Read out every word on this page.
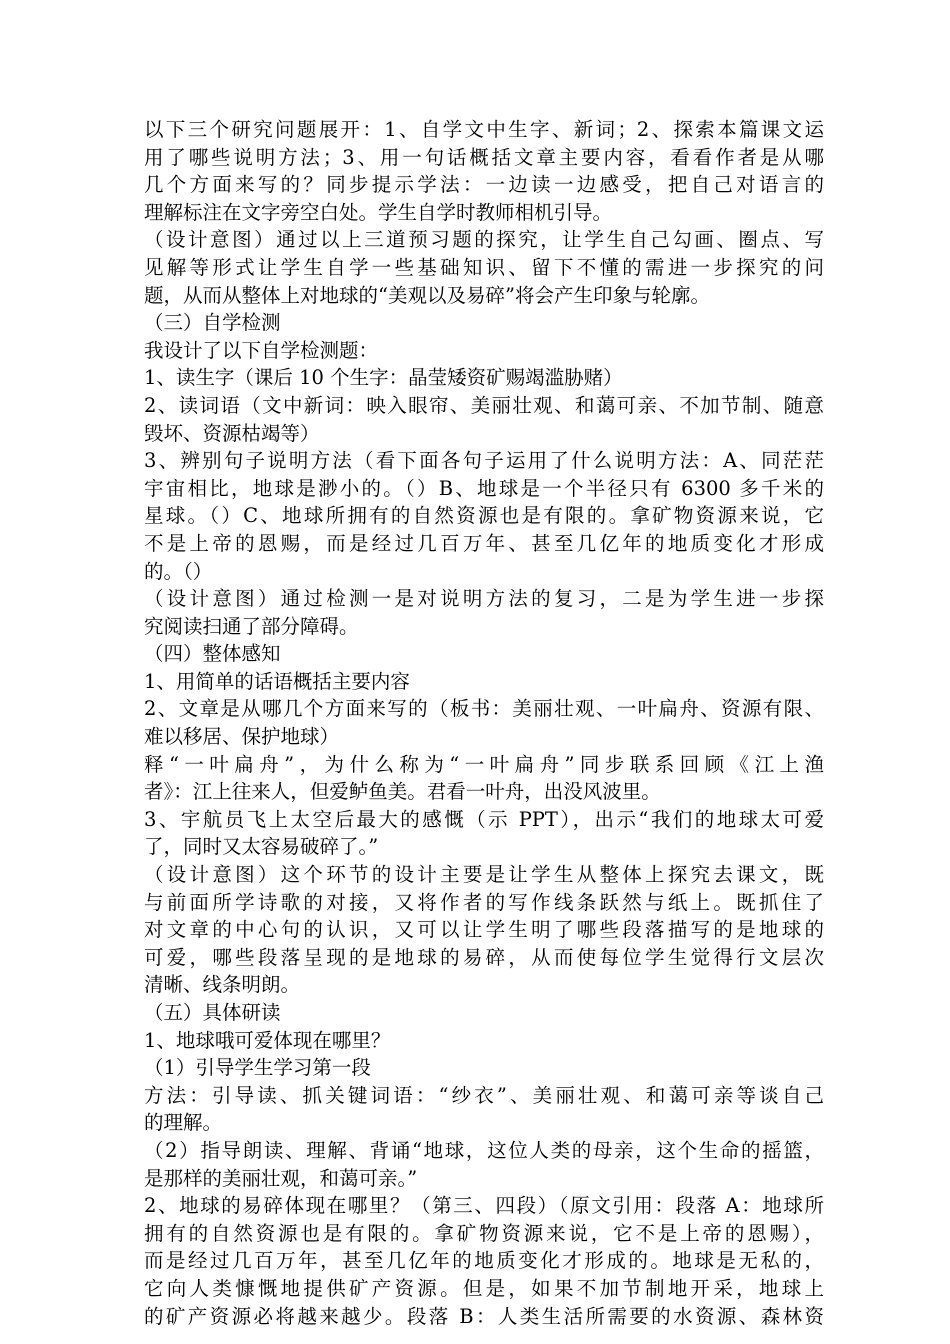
以下三个研究问题展开：1、自学文中生字、新词；2、探索本篇课文运
用了哪些说明方法；3、用一句话概括文章主要内容，看看作者是从哪
几个方面来写的？同步提示学法：一边读一边感受，把自己对语言的
理解标注在文字旁空白处。学生自学时教师相机引导。
（设计意图）通过以上三道预习题的探究，让学生自己勾画、圈点、写
见解等形式让学生自学一些基础知识、留下不懂的需进一步探究的问
题，从而从整体上对地球的“美观以及易碎”将会产生印象与轮廓。
（三）自学检测
我设计了以下自学检测题：
1、读生字（课后 10 个生字：晶莹矮资矿赐竭滥胁赌）
2、读词语（文中新词：映入眼帘、美丽壮观、和蔼可亲、不加节制、随意
毁坏、资源枯竭等）
3、辨别句子说明方法（看下面各句子运用了什么说明方法：A、同茫茫
宇宙相比，地球是渺小的。（）B、地球是一个半径只有 6300 多千米的
星球。（）C、地球所拥有的自然资源也是有限的。拿矿物资源来说，它
不是上帝的恩赐，而是经过几百万年、甚至几亿年的地质变化才形成
的。（）
（设计意图）通过检测一是对说明方法的复习，二是为学生进一步探
究阅读扫通了部分障碍。
（四）整体感知
1、用简单的话语概括主要内容
2、文章是从哪几个方面来写的（板书：美丽壮观、一叶扁舟、资源有限、
难以移居、保护地球）
释“一叶扁舟”，为什么称为“一叶扁舟”同步联系回顾《江上渔
者》：江上往来人，但爱鲈鱼美。君看一叶舟，出没风波里。
3、宇航员飞上太空后最大的感慨（示 PPT），出示“我们的地球太可爱
了，同时又太容易破碎了。”
（设计意图）这个环节的设计主要是让学生从整体上探究去课文，既
与前面所学诗歌的对接，又将作者的写作线条跃然与纸上。既抓住了
对文章的中心句的认识，又可以让学生明了哪些段落描写的是地球的
可爱，哪些段落呈现的是地球的易碎，从而使每位学生觉得行文层次
清晰、线条明朗。
（五）具体研读
1、地球哦可爱体现在哪里？
（1）引导学生学习第一段
方法：引导读、抓关键词语：“纱衣”、美丽壮观、和蔼可亲等谈自己
的理解。
（2）指导朗读、理解、背诵“地球，这位人类的母亲，这个生命的摇篮，
是那样的美丽壮观，和蔼可亲。”
2、地球的易碎体现在哪里？（第三、四段）（原文引用：段落 A：地球所
拥有的自然资源也是有限的。拿矿物资源来说，它不是上帝的恩赐），
而是经过几百万年，甚至几亿年的地质变化才形成的。地球是无私的，
它向人类慷慨地提供矿产资源。但是，如果不加节制地开采，地球上
的矿产资源必将越来越少。段落 B：人类生活所需要的水资源、森林资
